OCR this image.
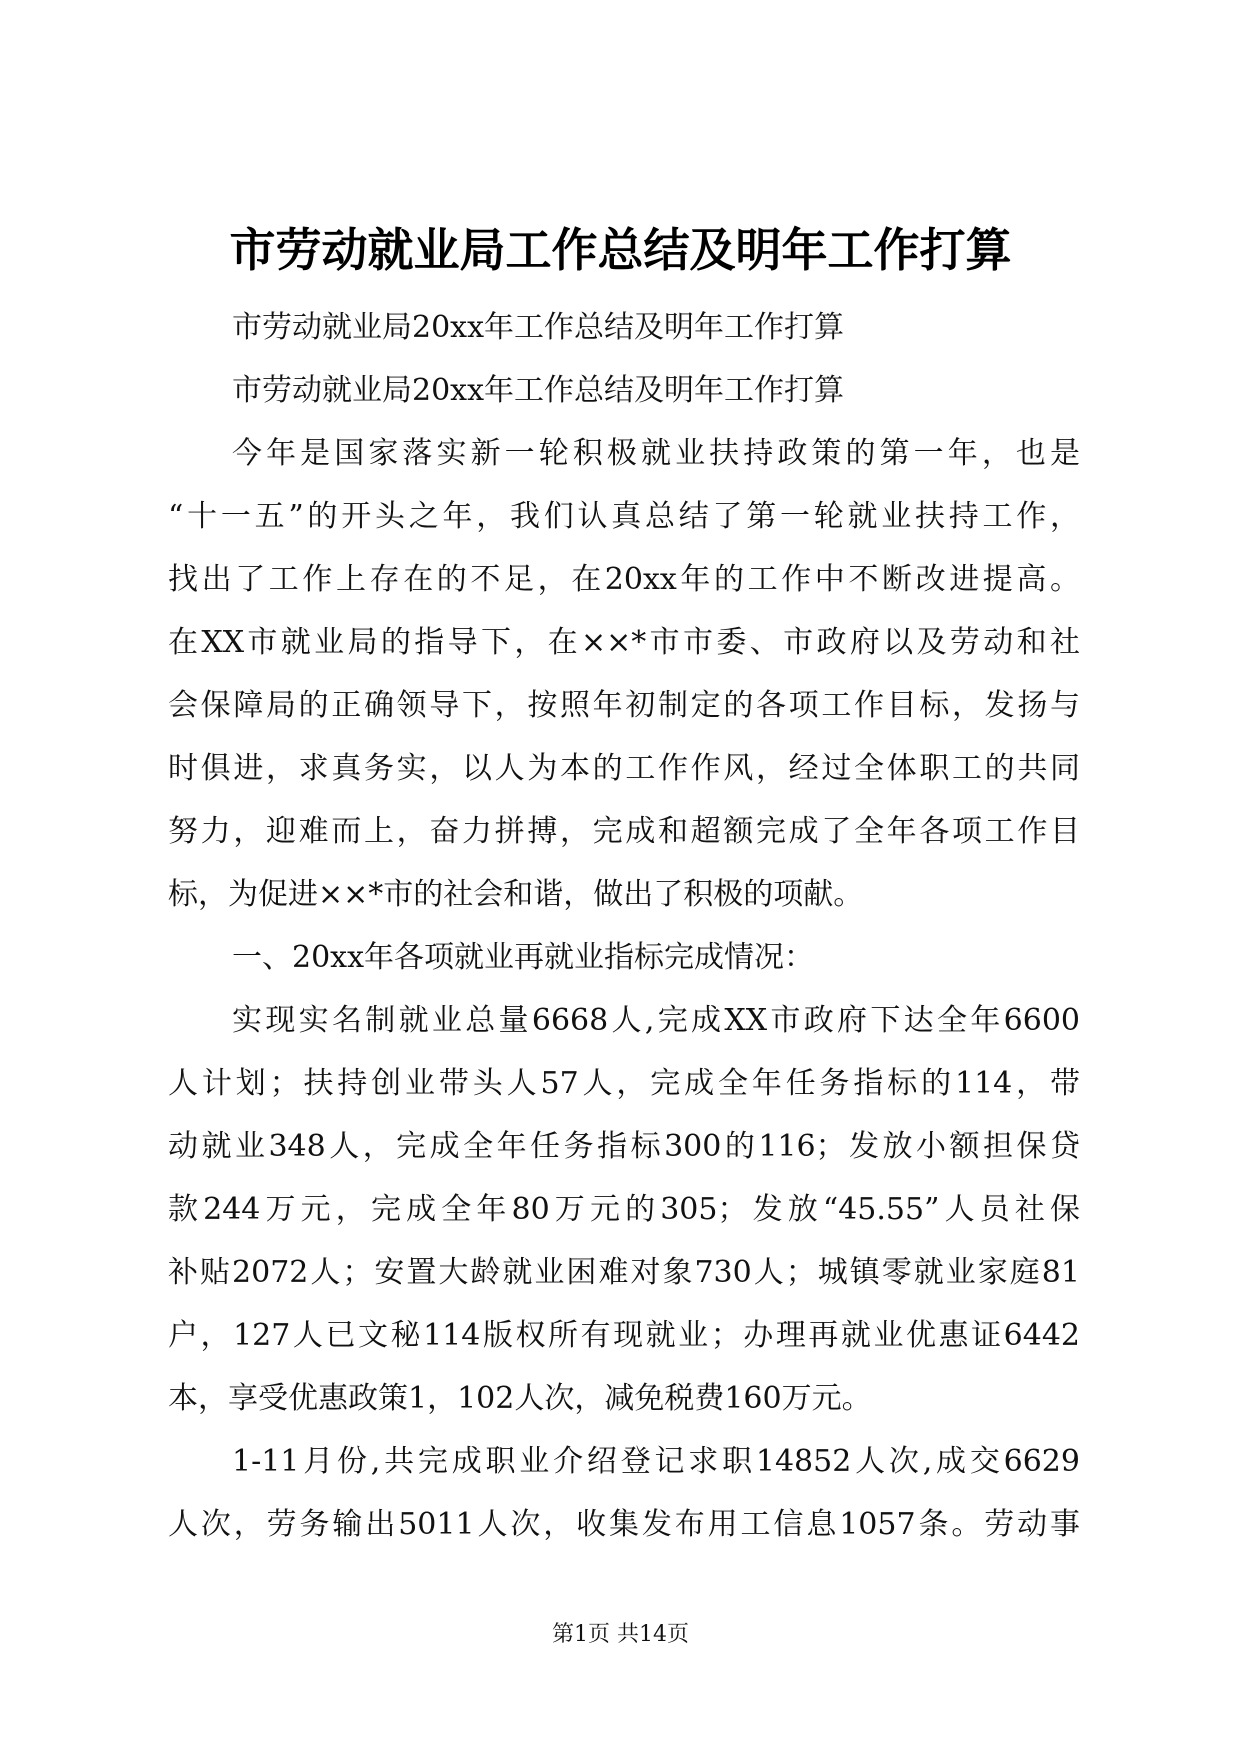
市劳动就业局工作总结及明年工作打算
市劳动就业局20xx年工作总结及明年工作打算
市劳动就业局20xx年工作总结及明年工作打算
今年是国家落实新一轮积极就业扶持政策的第一年，也是
“十一五”的开头之年，我们认真总结了第一轮就业扶持工作，
找出了工作上存在的不足，在20xx年的工作中不断改进提高。
在XX市就业局的指导下，在××*市市委、市政府以及劳动和社
会保障局的正确领导下，按照年初制定的各项工作目标，发扬与
时俱进，求真务实，以人为本的工作作风，经过全体职工的共同
努力，迎难而上，奋力拼搏，完成和超额完成了全年各项工作目
标，为促进××*市的社会和谐，做出了积极的项献。
一、20xx年各项就业再就业指标完成情况：
实现实名制就业总量6668人,完成XX市政府下达全年6600
人计划；扶持创业带头人57人，完成全年任务指标的114，带
动就业348人，完成全年任务指标300的116；发放小额担保贷
款244万元，完成全年80万元的305；发放“45.55”人员社保
补贴2072人；安置大龄就业困难对象730人；城镇零就业家庭81
户，127人已文秘114版权所有现就业；办理再就业优惠证6442
本，享受优惠政策1，102人次，减免税费160万元。
1-11月份,共完成职业介绍登记求职14852人次,成交6629
人次，劳务输出5011人次，收集发布用工信息1057条。劳动事
第1页 共14页
